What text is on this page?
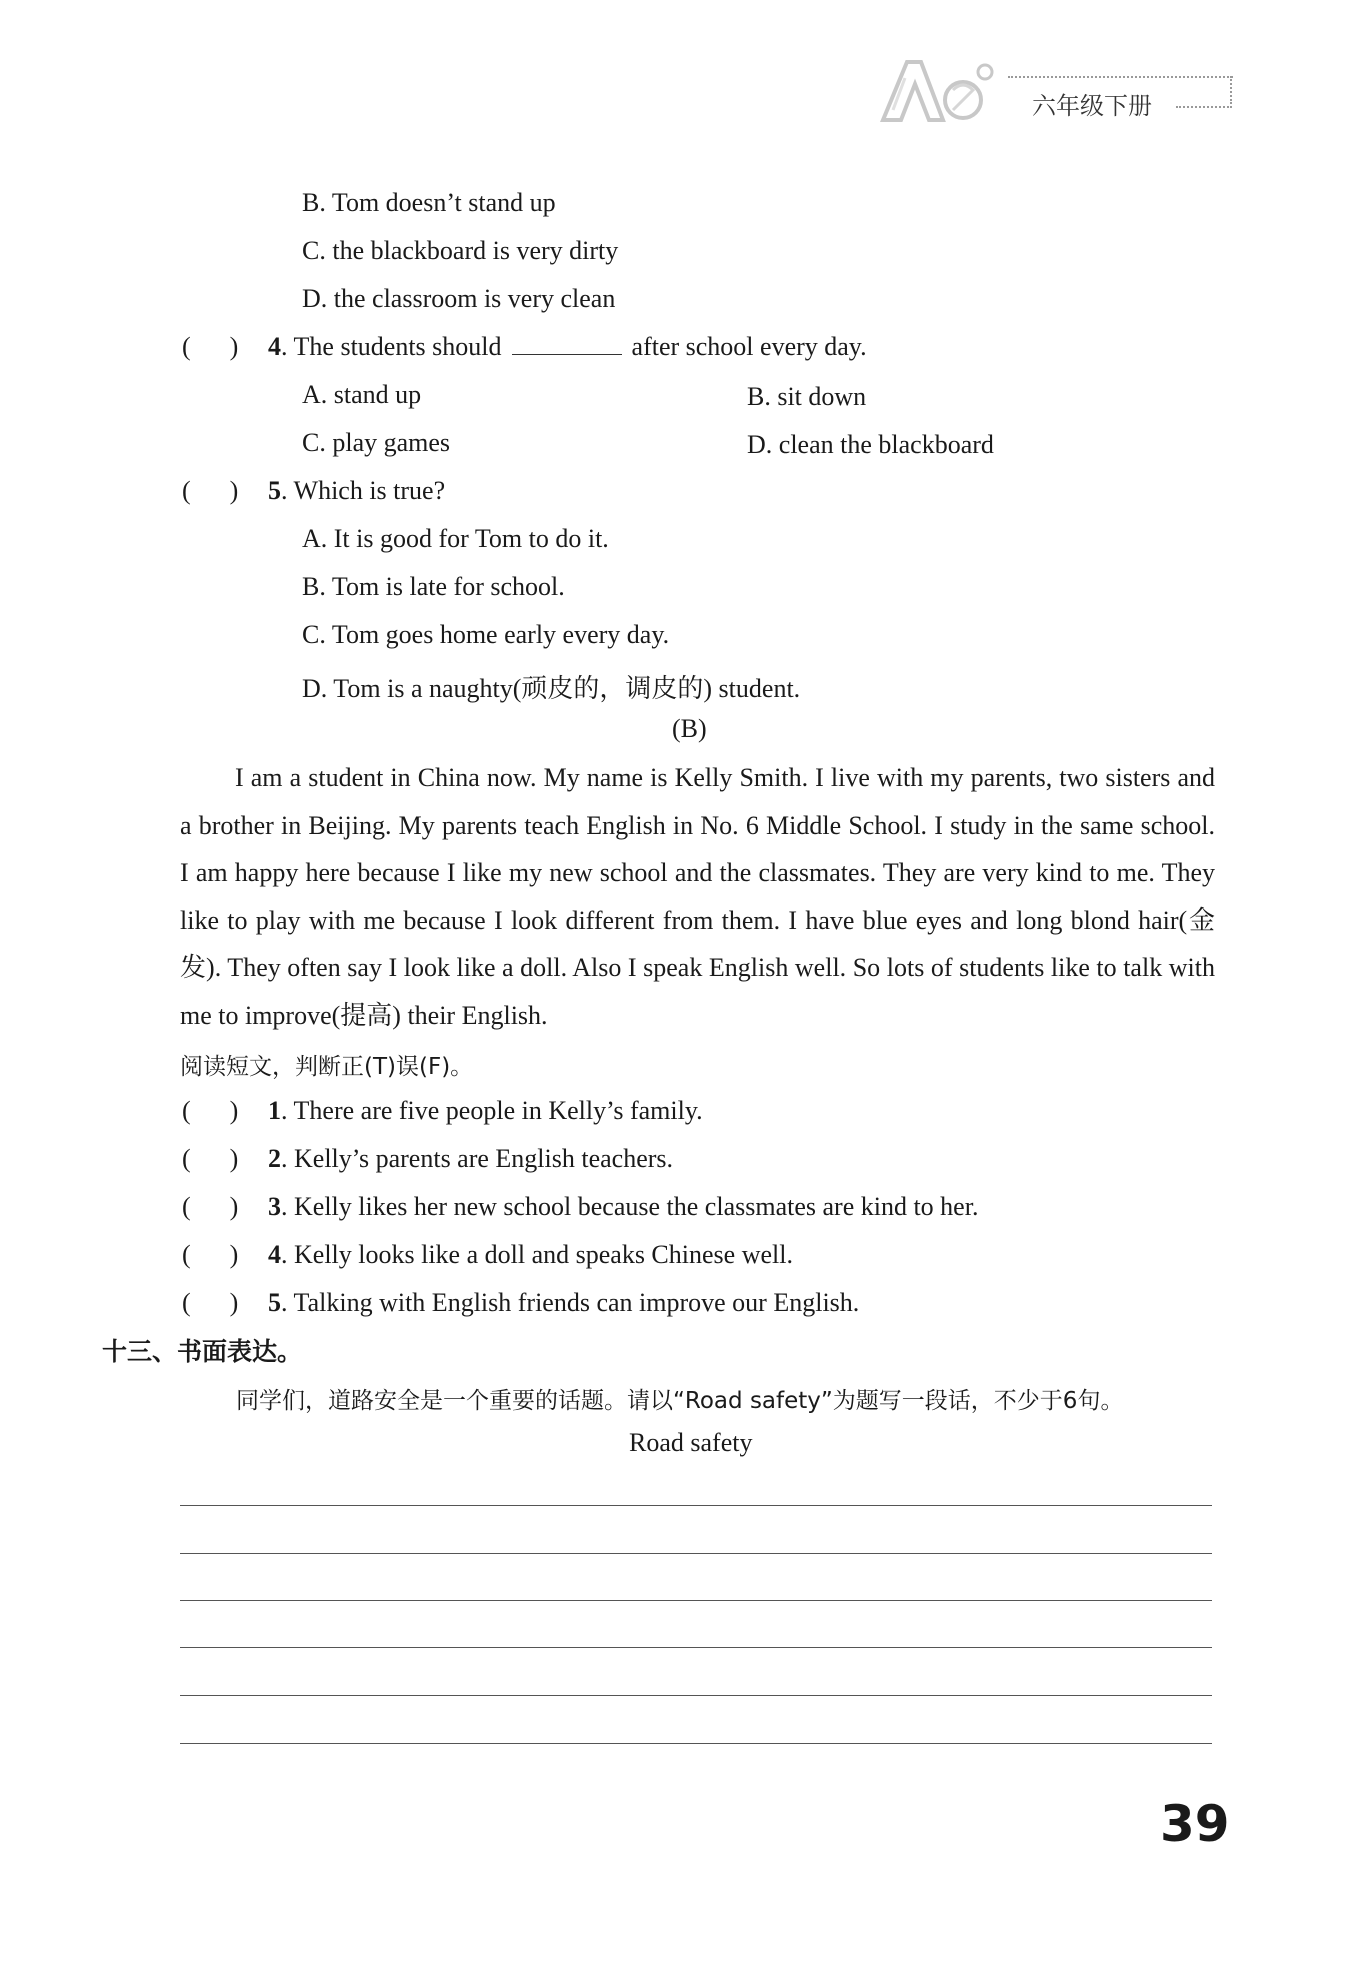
六年级下册
B. Tom doesn’t stand up
C. the blackboard is very dirty
D. the classroom is very clean
(      ) 4. The students should	after school every day.
A. stand up	B. sit down
C. play games	D. clean the blackboard
(      ) 5. Which is true?
A. It is good for Tom to do it.
B. Tom is late for school.
C. Tom goes home early every day.
D. Tom is a naughty(顽皮的，调皮的) student.
(B)

I am a student in China now. My name is Kelly Smith. I live with my parents, two sisters and a brother in Beijing. My parents teach English in No. 6 Middle School. I study in the same school. I am happy here because I like my new school and the classmates. They are very kind to me. They like to play with me because I look different from them. I have blue eyes and long blond hair(金发). They often say I look like a doll. Also I speak English well. So lots of students like to talk with me to improve(提高) their English.

阅读短文，判断正(T)误(F)。
(      ) 1. There are five people in Kelly’s family.
(      ) 2. Kelly’s parents are English teachers.
(      ) 3. Kelly likes her new school because the classmates are kind to her.
(      ) 4. Kelly looks like a doll and speaks Chinese well.
(      ) 5. Talking with English friends can improve our English.
十三、书面表达。
同学们，道路安全是一个重要的话题。请以“Road safety”为题写一段话，不少于6句。
Road safety
39
